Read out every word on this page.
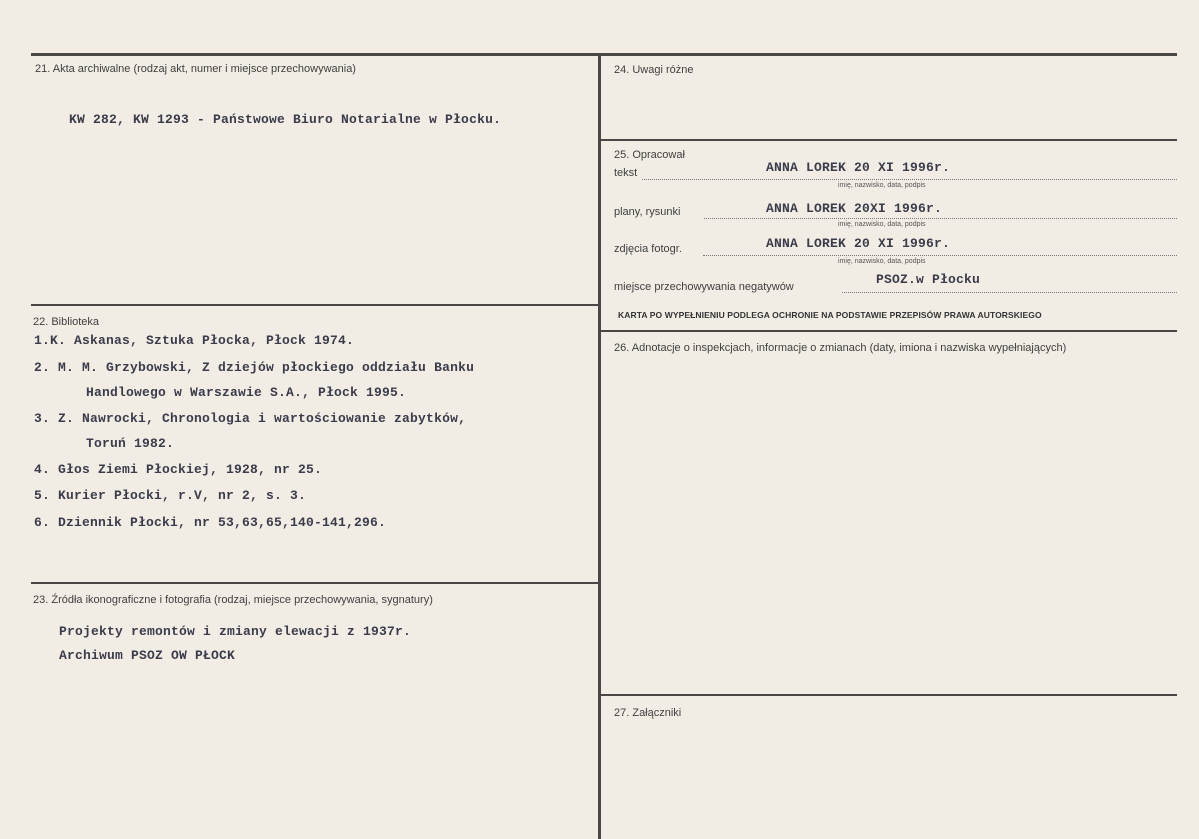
21. Akta archiwalne (rodzaj akt, numer i miejsce przechowywania)
KW 282, KW 1293 - Państwowe Biuro Notarialne w Płocku.
24. Uwagi różne
25. Opracował
tekst	ANNA LOREK 20 XI 1996r.
imię, nazwisko, data, podpis
plany, rysunki	ANNA LOREK 20XI 1996r.
imię, nazwisko, data, podpis
zdjęcia fotogr.	ANNA LOREK 20 XI 1996r.
imię, nazwisko, data, podpis
miejsce przechowywania negatywów	PSOZ.w Płocku
KARTA PO WYPEŁNIENIU PODLEGA OCHRONIE NA PODSTAWIE PRZEPISÓW PRAWA AUTORSKIEGO
22. Biblioteka
1.K. Askanas, Sztuka Płocka, Płock 1974.
2. M. M. Grzybowski, Z dziejów płockiego oddziału Banku
Handlowego w Warszawie S.A., Płock 1995.
3. Z. Nawrocki, Chronologia i wartościowanie zabytków,
Toruń 1982.
4. Głos Ziemi Płockiej, 1928, nr 25.
5. Kurier Płocki, r.V, nr 2, s. 3.
6. Dziennik Płocki, nr 53,63,65,140-141,296.
26. Adnotacje o inspekcjach, informacje o zmianach (daty, imiona i nazwiska wypełniających)
23. Źródła ikonograficzne i fotografia (rodzaj, miejsce przechowywania, sygnatury)
Projekty remontów i zmiany elewacji z 1937r.
Archiwum PSOZ OW PŁOCK
27. Załączniki
